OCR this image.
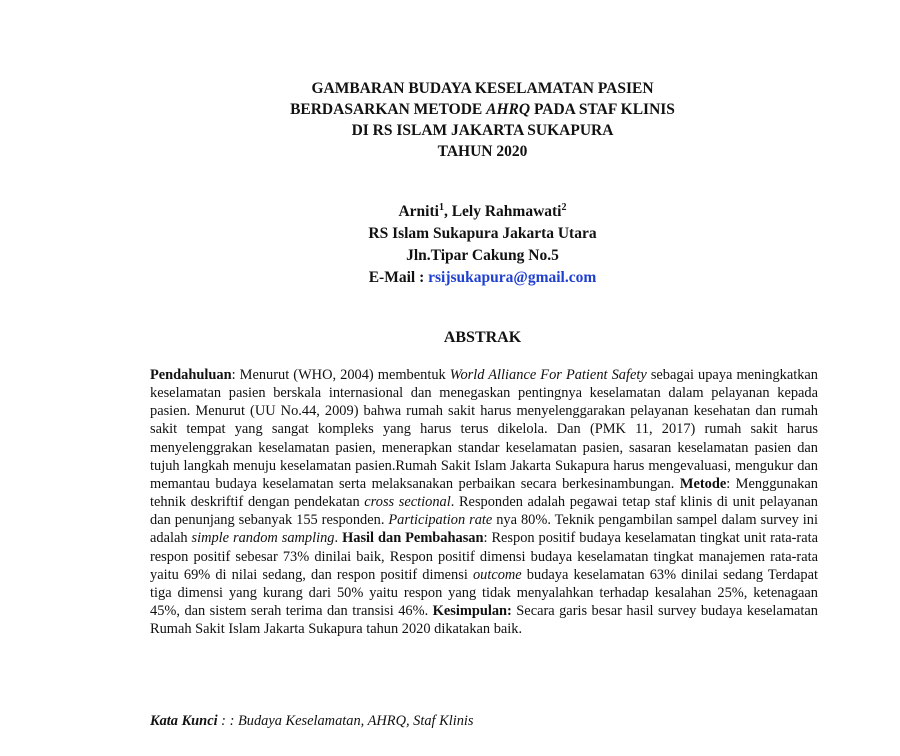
GAMBARAN BUDAYA KESELAMATAN PASIEN
BERDASARKAN METODE AHRQ PADA STAF KLINIS
DI RS ISLAM JAKARTA SUKAPURA
TAHUN 2020
Arniti$^1$, Lely Rahmawati$^2$
RS Islam Sukapura Jakarta Utara
Jln.Tipar Cakung No.5
E-Mail : rsijsukapura@gmail.com
ABSTRAK
Pendahuluan: Menurut (WHO, 2004) membentuk World Alliance For Patient Safety sebagai upaya meningkatkan keselamatan pasien berskala internasional dan menegaskan pentingnya keselamatan dalam pelayanan kepada pasien. Menurut (UU No.44, 2009) bahwa rumah sakit harus menyelenggarakan pelayanan kesehatan dan rumah sakit tempat yang sangat kompleks yang harus terus dikelola. Dan (PMK 11, 2017) rumah sakit harus menyelenggrakan keselamatan pasien, menerapkan standar keselamatan pasien, sasaran keselamatan pasien dan tujuh langkah menuju keselamatan pasien.Rumah Sakit Islam Jakarta Sukapura harus mengevaluasi, mengukur dan memantau budaya keselamatan serta melaksanakan perbaikan secara berkesinambungan. Metode: Menggunakan tehnik deskriftif dengan pendekatan cross sectional. Responden adalah pegawai tetap staf klinis di unit pelayanan dan penunjang sebanyak 155 responden. Participation rate nya 80%. Teknik pengambilan sampel dalam survey ini adalah simple random sampling. Hasil dan Pembahasan: Respon positif budaya keselamatan tingkat unit rata-rata respon positif sebesar 73% dinilai baik, Respon positif dimensi budaya keselamatan tingkat manajemen rata-rata yaitu 69% di nilai sedang, dan respon positif dimensi outcome budaya keselamatan 63% dinilai sedang Terdapat tiga dimensi yang kurang dari 50% yaitu respon yang tidak menyalahkan terhadap kesalahan 25%, ketenagaan 45%, dan sistem serah terima dan transisi 46%. Kesimpulan: Secara garis besar hasil survey budaya keselamatan Rumah Sakit Islam Jakarta Sukapura tahun 2020 dikatakan baik.
Kata Kunci : : Budaya Keselamatan, AHRQ, Staf Klinis
